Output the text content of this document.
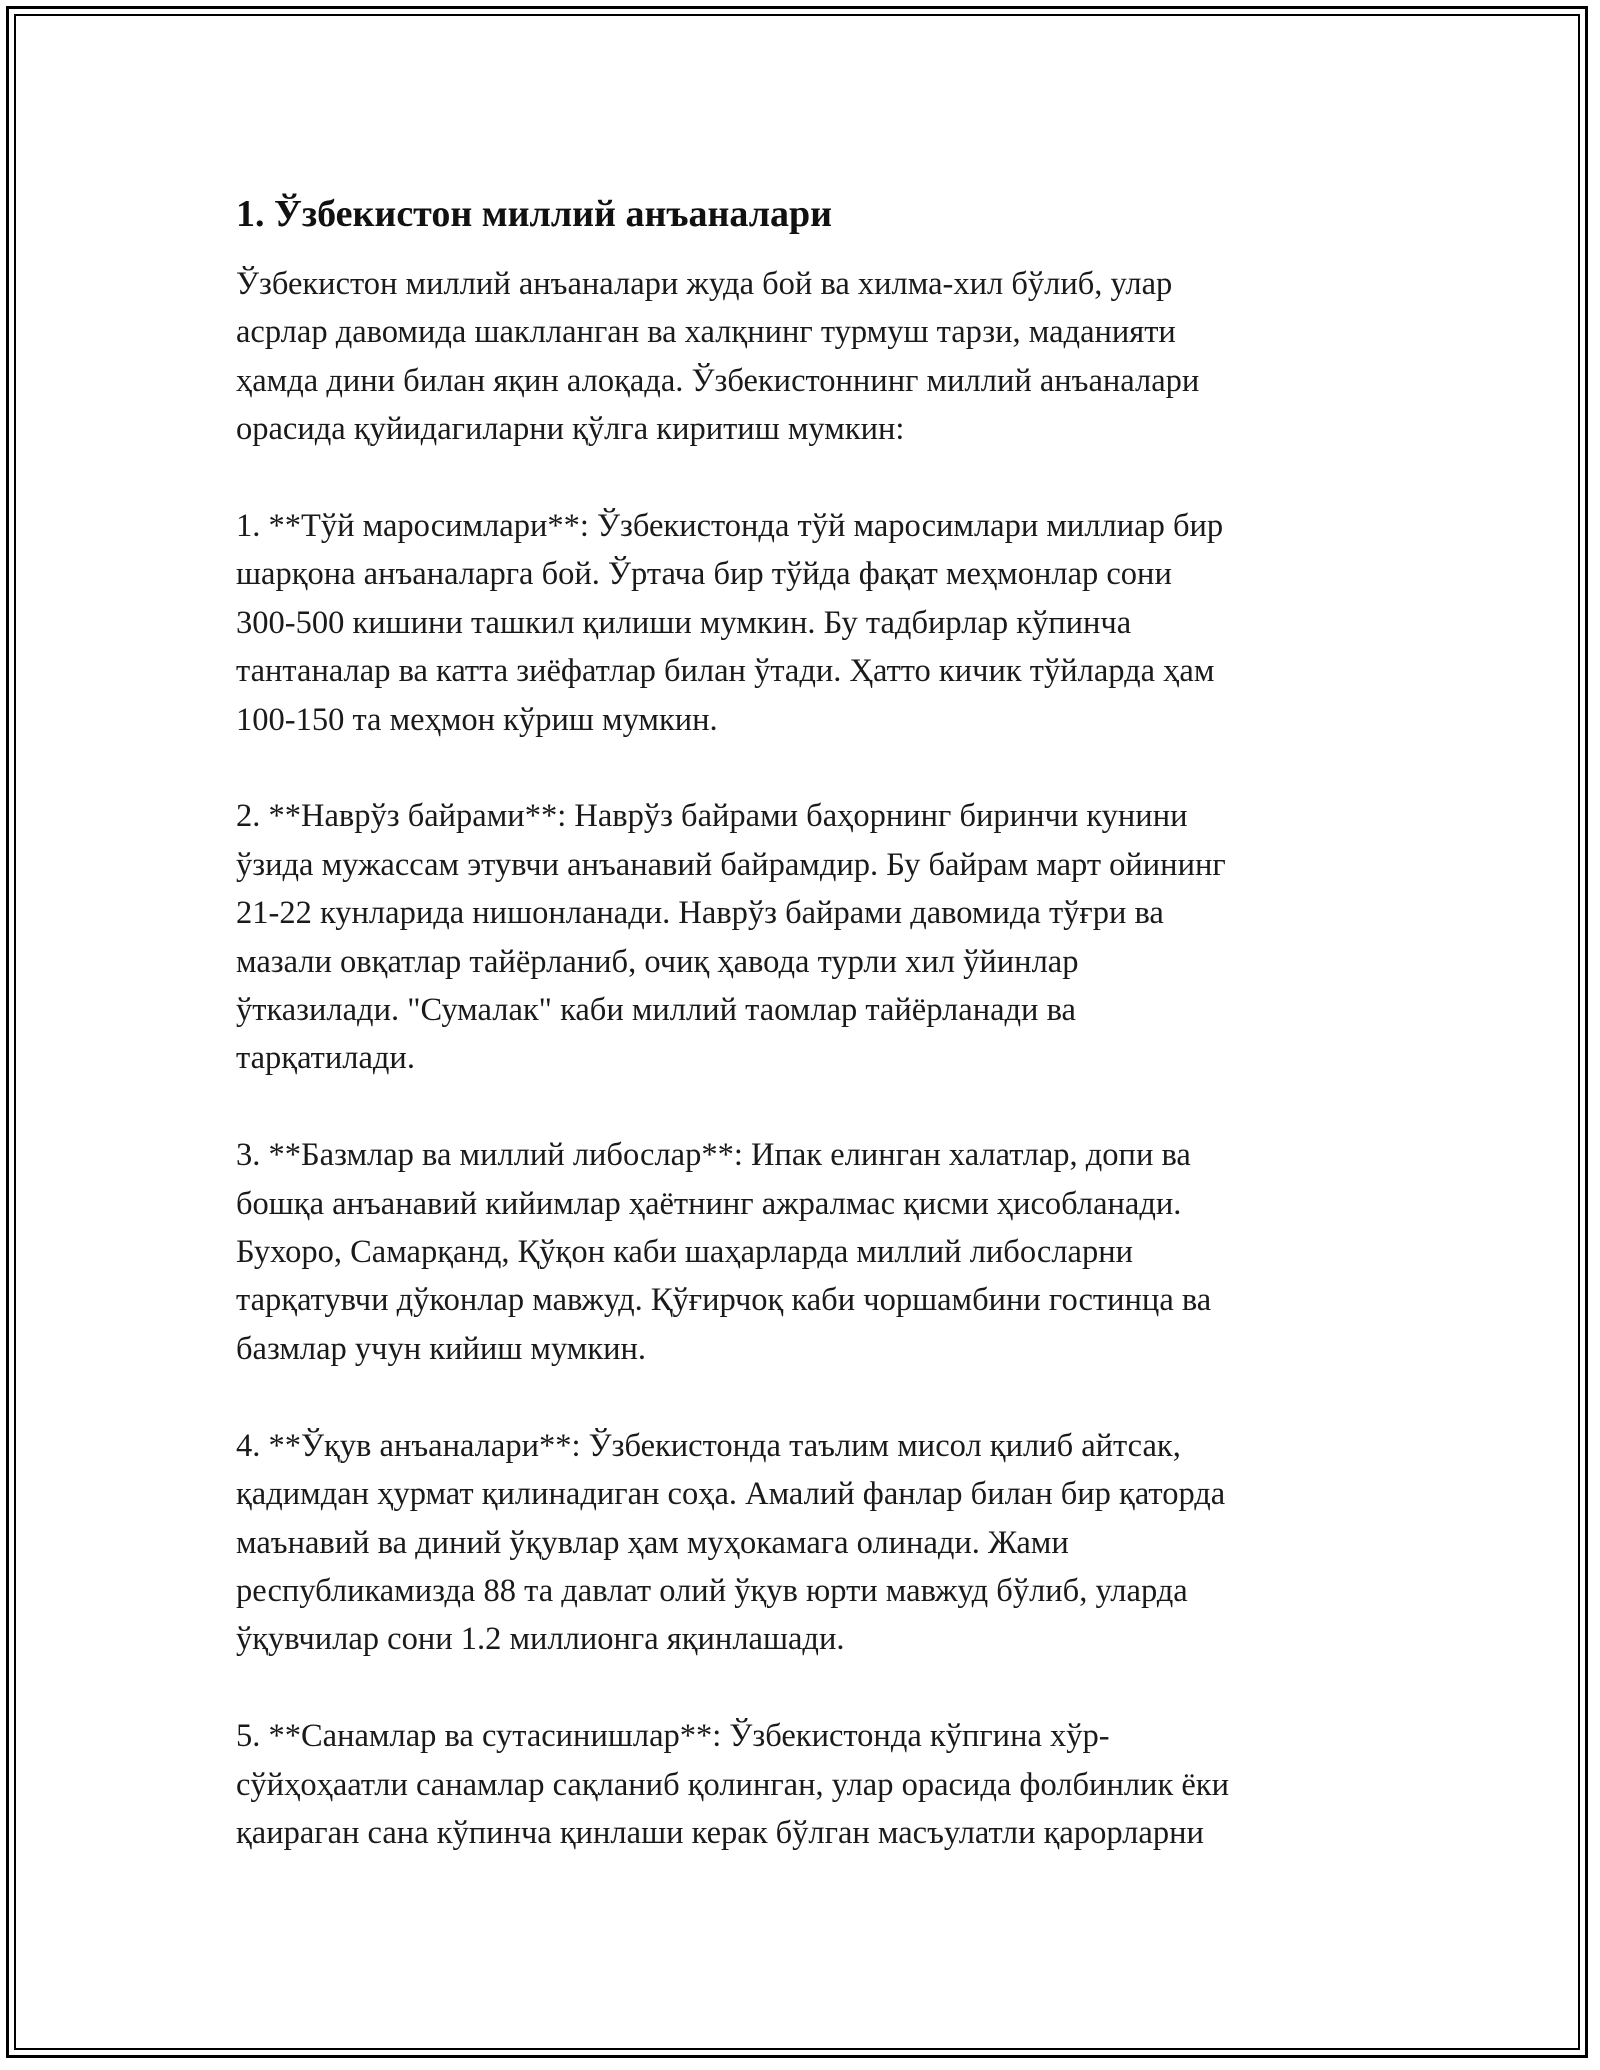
1. Ўзбекистон миллий анъаналари

Ўзбекистон миллий анъаналари жуда бой ва хилма-хил бўлиб, улар
асрлар давомида шаклланган ва халқнинг турмуш тарзи, маданияти
ҳамда дини билан яқин алоқада. Ўзбекистоннинг миллий анъаналари
орасида қуйидагиларни қўлга киритиш мумкин:

1. **Тўй маросимлари**: Ўзбекистонда тўй маросимлари миллиар бир
шарқона анъаналарга бой. Ўртача бир тўйда фақат меҳмонлар сони
300-500 кишини ташкил қилиши мумкин. Бу тадбирлар кўпинча
тантаналар ва катта зиёфатлар билан ўтади. Ҳатто кичик тўйларда ҳам
100-150 та меҳмон кўриш мумкин.

2. **Наврўз байрами**: Наврўз байрами баҳорнинг биринчи кунини
ўзида мужассам этувчи анъанавий байрамдир. Бу байрам март ойининг
21-22 кунларида нишонланади. Наврўз байрами давомида тўғри ва
мазали овқатлар тайёрланиб, очиқ ҳавода турли хил ўйинлар
ўтказилади. "Сумалак" каби миллий таомлар тайёрланади ва
тарқатилади.

3. **Базмлар ва миллий либослар**: Ипак елинган халатлар, допи ва
бошқа анъанавий кийимлар ҳаётнинг ажралмас қисми ҳисобланади.
Бухоро, Самарқанд, Қўқон каби шаҳарларда миллий либосларни
тарқатувчи дўконлар мавжуд. Қўғирчоқ каби чоршамбини гостинца ва
базмлар учун кийиш мумкин.

4. **Ўқув анъаналари**: Ўзбекистонда таълим мисол қилиб айтсак,
қадимдан ҳурмат қилинадиган соҳа. Амалий фанлар билан бир қаторда
маънавий ва диний ўқувлар ҳам муҳокамага олинади. Жами
республикамизда 88 та давлат олий ўқув юрти мавжуд бўлиб, уларда
ўқувчилар сони 1.2 миллионга яқинлашади.

5. **Санамлар ва сутасинишлар**: Ўзбекистонда кўпгина хўр-
сўйҳоҳаатли санамлар сақланиб қолинган, улар орасида фолбинлик ёки
қаираган сана кўпинча қинлаши керак бўлган масъулатли қарорларни
